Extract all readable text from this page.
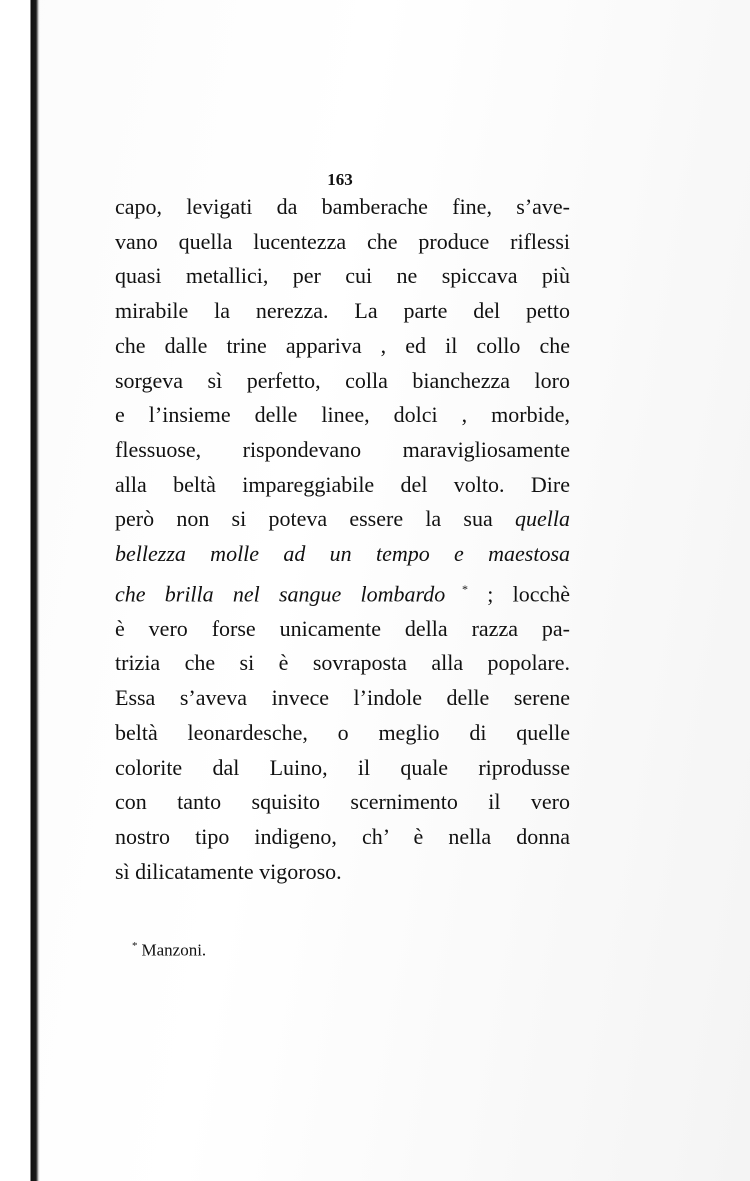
163
capo, levigati da bamberache fine, s’ave-
vano quella lucentezza che produce riflessi
quasi metallici, per cui ne spiccava più
mirabile la nerezza. La parte del petto
che dalle trine appariva , ed il collo che
sorgeva sì perfetto, colla bianchezza loro
e l’insieme delle linee, dolci , morbide,
flessuose, rispondevano maravigliosamente
alla beltà impareggiabile del volto. Dire
però non si poteva essere la sua quella
bellezza molle ad un tempo e maestosa
che brilla nel sangue lombardo * ; locchè
è vero forse unicamente della razza pa-
trizia che si è sovraposta alla popolare.
Essa s’aveva invece l’indole delle serene
beltà leonardesche, o meglio di quelle
colorite dal Luino, il quale riprodusse
con tanto squisito scernimento il vero
nostro tipo indigeno, ch’ è nella donna
sì dilicatamente vigoroso.
* Manzoni.
